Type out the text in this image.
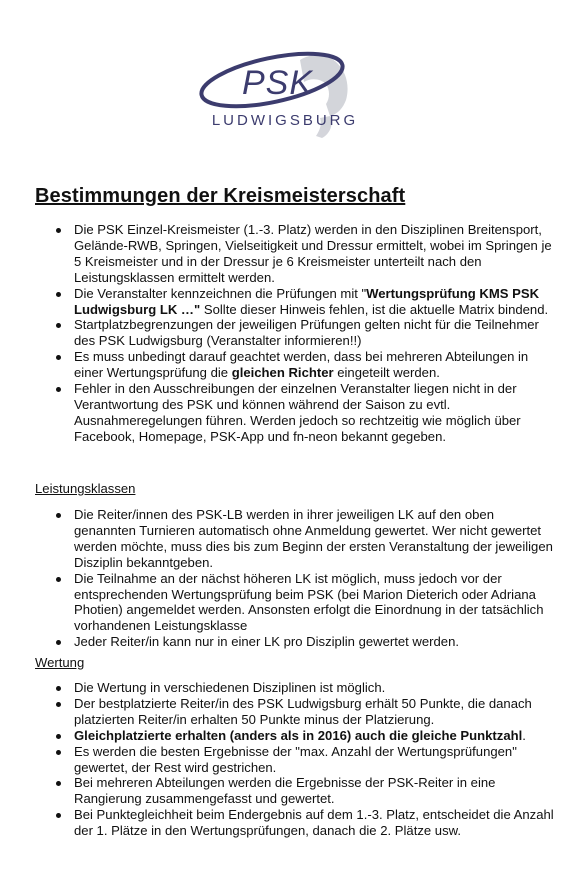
PSK
LUDWIGSBURG
Bestimmungen der Kreismeisterschaft
Die PSK Einzel-Kreismeister (1.-3. Platz) werden in den Disziplinen Breitensport, Gelände-RWB, Springen, Vielseitigkeit und Dressur ermittelt, wobei im Springen je 5 Kreismeister und in der Dressur je 6 Kreismeister unterteilt nach den Leistungsklassen ermittelt werden.
Die Veranstalter kennzeichnen die Prüfungen mit "Wertungsprüfung KMS PSK Ludwigsburg LK …" Sollte dieser Hinweis fehlen, ist die aktuelle Matrix bindend.
Startplatzbegrenzungen der jeweiligen Prüfungen gelten nicht für die Teilnehmer des PSK Ludwigsburg (Veranstalter informieren!!)
Es muss unbedingt darauf geachtet werden, dass bei mehreren Abteilungen in einer Wertungsprüfung die gleichen Richter eingeteilt werden.
Fehler in den Ausschreibungen der einzelnen Veranstalter liegen nicht in der Verantwortung des PSK und können während der Saison zu evtl. Ausnahmeregelungen führen. Werden jedoch so rechtzeitig wie möglich über Facebook, Homepage, PSK-App und fn-neon bekannt gegeben.
Leistungsklassen
Die Reiter/innen des PSK-LB werden in ihrer jeweiligen LK auf den oben genannten Turnieren automatisch ohne Anmeldung gewertet. Wer nicht gewertet werden möchte, muss dies bis zum Beginn der ersten Veranstaltung der jeweiligen Disziplin bekanntgeben.
Die Teilnahme an der nächst höheren LK ist möglich, muss jedoch vor der entsprechenden Wertungsprüfung beim PSK (bei Marion Dieterich oder Adriana Photien) angemeldet werden. Ansonsten erfolgt die Einordnung in der tatsächlich vorhandenen Leistungsklasse
Jeder Reiter/in kann nur in einer LK pro Disziplin gewertet werden.
Wertung
Die Wertung in verschiedenen Disziplinen ist möglich.
Der bestplatzierte Reiter/in des PSK Ludwigsburg erhält 50 Punkte, die danach platzierten Reiter/in erhalten 50 Punkte minus der Platzierung.
Gleichplatzierte erhalten (anders als in 2016) auch die gleiche Punktzahl.
Es werden die besten Ergebnisse der "max. Anzahl der Wertungsprüfungen" gewertet, der Rest wird gestrichen.
Bei mehreren Abteilungen werden die Ergebnisse der PSK-Reiter in eine Rangierung zusammengefasst und gewertet.
Bei Punktegleichheit beim Endergebnis auf dem 1.-3. Platz, entscheidet die Anzahl der 1. Plätze in den Wertungsprüfungen, danach die 2. Plätze usw.
